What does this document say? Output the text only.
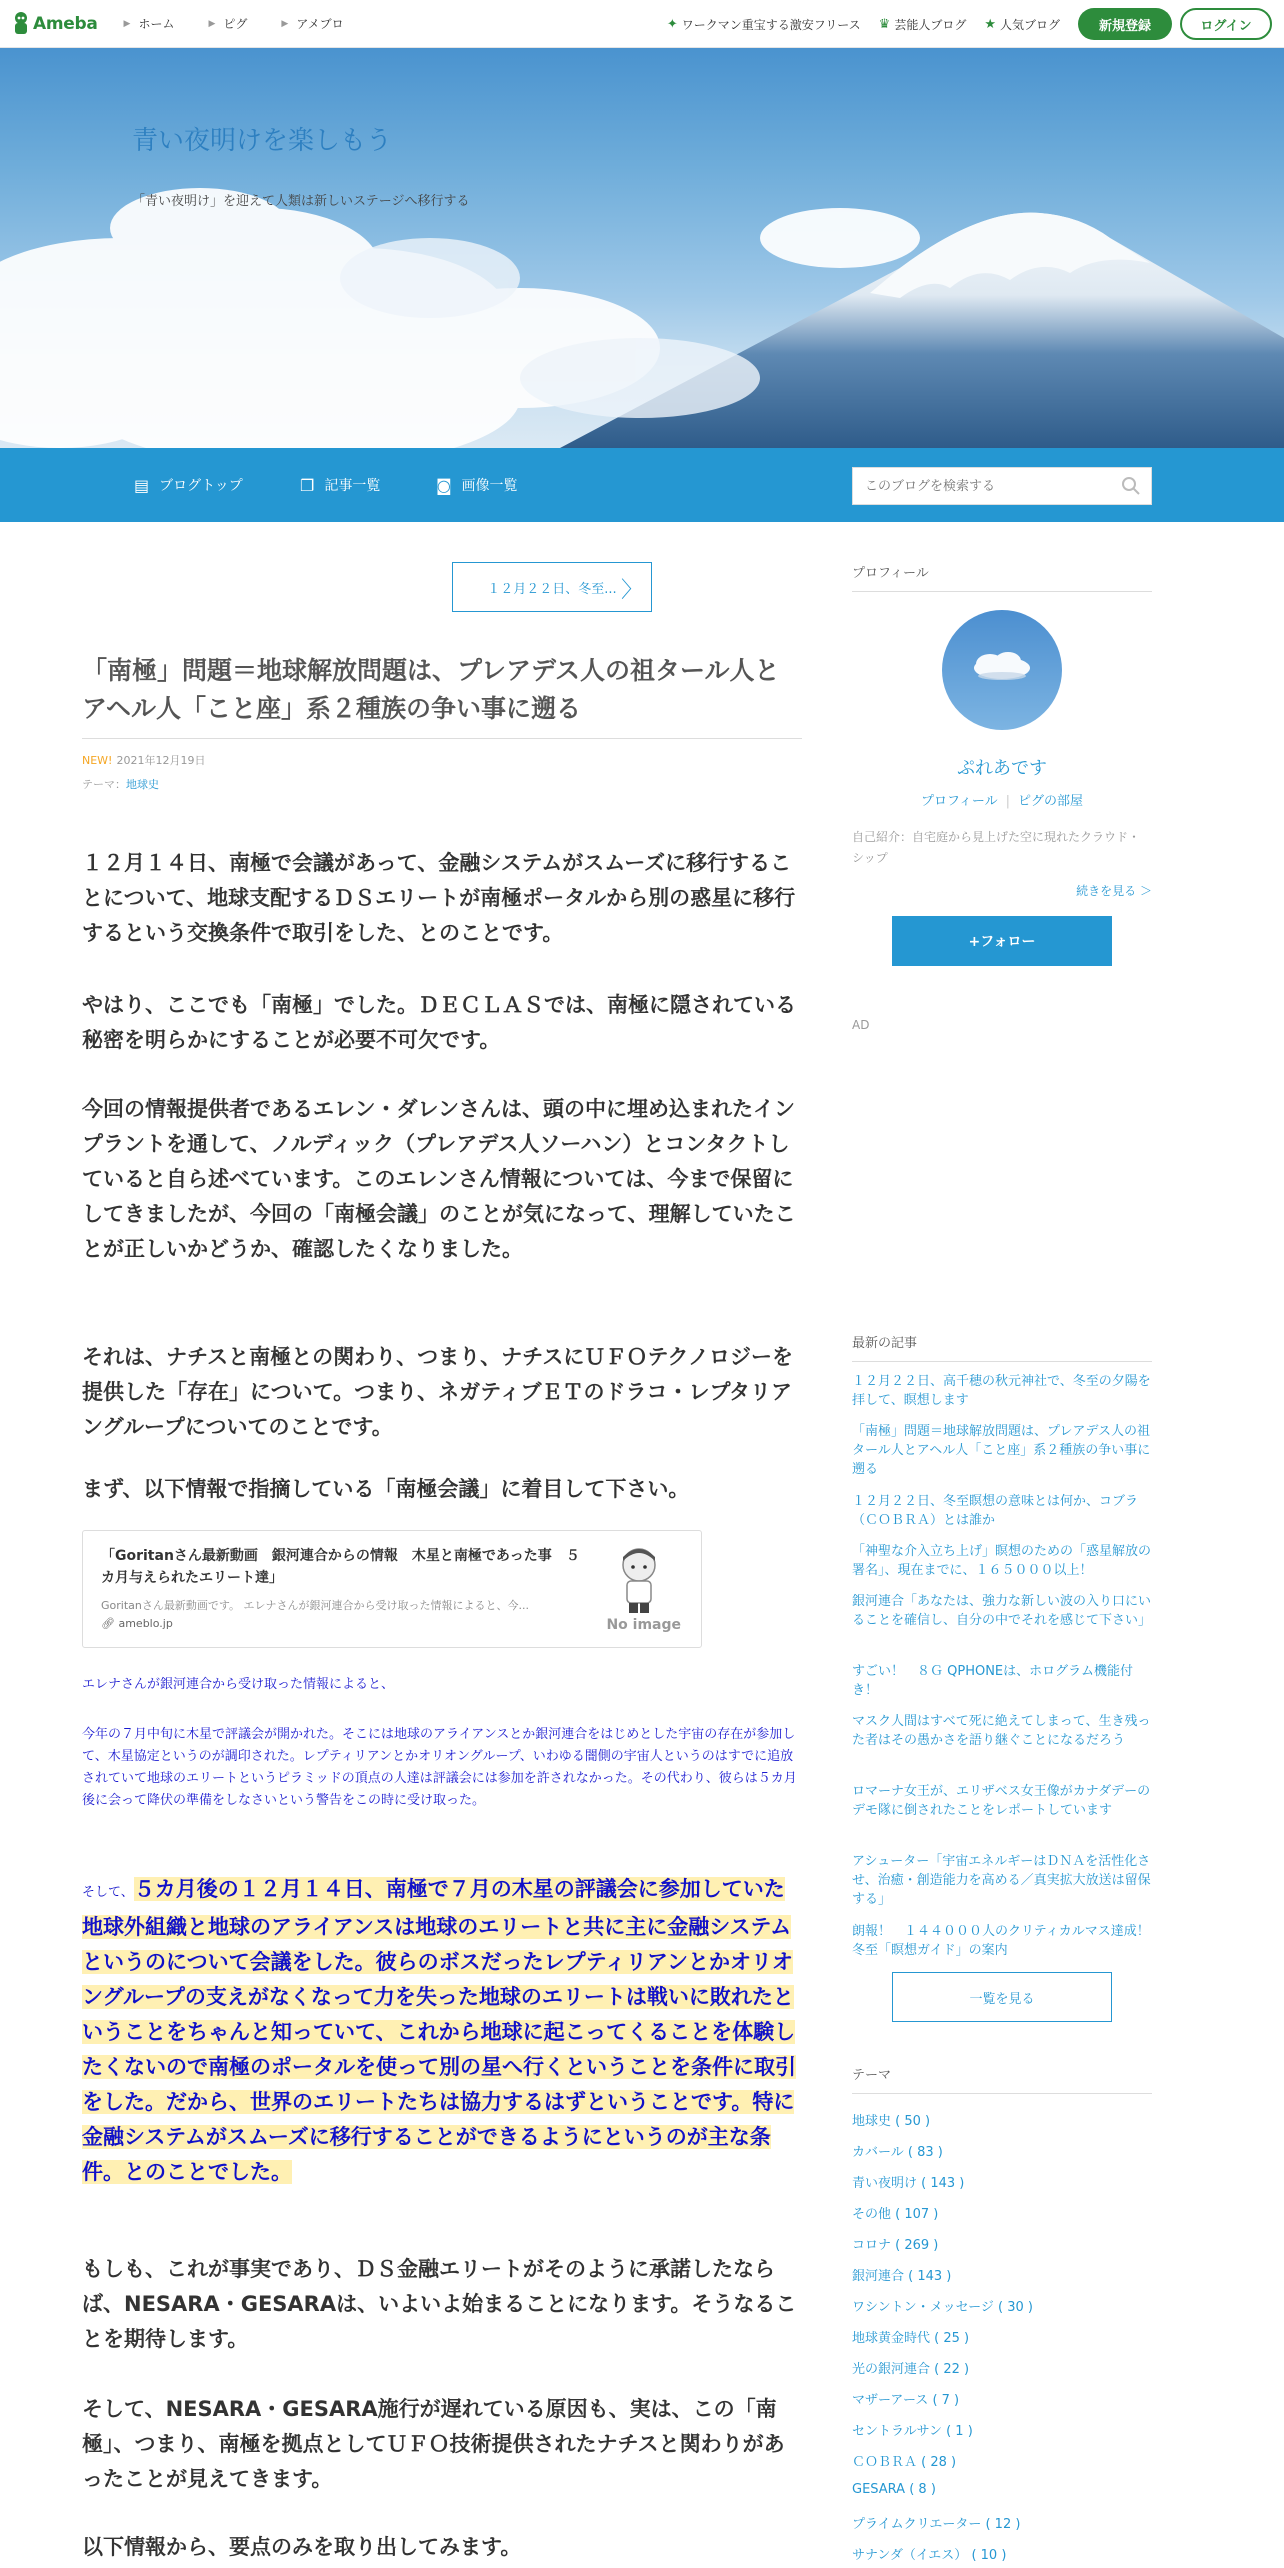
Ameba	▶ ホーム	▶ ピグ	▶ アメブロ	✦ ワークマン重宝する激安フリース ♛ 芸能人ブログ ★ 人気ブログ	新規登録	ログイン
青い夜明けを楽しもう
「青い夜明け」を迎えて人類は新しいステージへ移行する
▤ ブログトップ	❐ 記事一覧	◙ 画像一覧
このブログを検索する
１２月２２日、冬至... 〉
「南極」問題＝地球解放問題は、プレアデス人の祖タール人とアヘル人「こと座」系２種族の争い事に遡る
NEW! 2021年12月19日
テーマ：地球史

１２月１４日、南極で会議があって、金融システムがスムーズに移行することについて、地球支配するＤＳエリートが南極ポータルから別の惑星に移行するという交換条件で取引をした、とのことです。

やはり、ここでも「南極」でした。ＤＥＣＬＡＳでは、南極に隠されている秘密を明らかにすることが必要不可欠です。

今回の情報提供者であるエレン・ダレンさんは、頭の中に埋め込まれたインプラントを通して、ノルディック（プレアデス人ソーハン）とコンタクトしていると自ら述べています。このエレンさん情報については、今まで保留にしてきましたが、今回の「南極会議」のことが気になって、理解していたことが正しいかどうか、確認したくなりました。

それは、ナチスと南極との関わり、つまり、ナチスにＵＦＯテクノロジーを提供した「存在」について。つまり、ネガティブＥＴのドラコ・レプタリアングループについてのことです。

まず、以下情報で指摘している「南極会議」に着目して下さい。

「Goritanさん最新動画　銀河連合からの情報　木星と南極であった事　５カ月与えられたエリート達」
Goritanさん最新動画です。 エレナさんが銀河連合から受け取った情報によると、今...
🔗︎ ameblo.jp	No image

エレナさんが銀河連合から受け取った情報によると、

今年の７月中旬に木星で評議会が開かれた。そこには地球のアライアンスとか銀河連合をはじめとした宇宙の存在が参加して、木星協定というのが調印された。レプティリアンとかオリオングループ、いわゆる闇側の宇宙人というのはすでに追放されていて地球のエリートというピラミッドの頂点の人達は評議会には参加を許されなかった。その代わり、彼らは５カ月後に会って降伏の準備をしなさいという警告をこの時に受け取った。

そして、５カ月後の１２月１４日、南極で７月の木星の評議会に参加していた地球外組織と地球のアライアンスは地球のエリートと共に主に金融システムというのについて会議をした。彼らのボスだったレプティリアンとかオリオングループの支えがなくなって力を失った地球のエリートは戦いに敗れたということをちゃんと知っていて、これから地球に起こってくることを体験したくないので南極のポータルを使って別の星へ行くということを条件に取引をした。だから、世界のエリートたちは協力するはずということです。特に金融システムがスムーズに移行することができるようにというのが主な条件。とのことでした。

もしも、これが事実であり、ＤＳ金融エリートがそのように承諾したならば、NESARA・GESARAは、いよいよ始まることになります。そうなることを期待します。

そして、NESARA・GESARA施行が遅れている原因も、実は、この「南極」、つまり、南極を拠点としてＵＦＯ技術提供されたナチスと関わりがあったことが見えてきます。

以下情報から、要点のみを取り出してみます。

プロフィール
ぷれあです
プロフィール | ピグの部屋
自己紹介：自宅庭から見上げた空に現れたクラウド・シップ
続きを見る ＞
+フォロー
AD
最新の記事
１２月２２日、高千穂の秋元神社で、冬至の夕陽を拝して、瞑想します
「南極」問題＝地球解放問題は、プレアデス人の祖タール人とアヘル人「こと座」系２種族の争い事に遡る
１２月２２日、冬至瞑想の意味とは何か、コブラ（ＣＯＢＲＡ）とは誰か
「神聖な介入立ち上げ」瞑想のための「惑星解放の署名」、現在までに、１６５０００以上！
銀河連合「あなたは、強力な新しい波の入り口にいることを確信し、自分の中でそれを感じて下さい」
すごい！　８Ｇ QPHONEは、ホログラム機能付き！
マスク人間はすべて死に絶えてしまって、生き残った者はその愚かさを語り継ぐことになるだろう
ロマーナ女王が、エリザベス女王像がカナダデーのデモ隊に倒されたことをレポートしています
アシューター「宇宙エネルギーはＤＮＡを活性化させ、治癒・創造能力を高める／真実拡大放送は留保する」
朗報！　１４４０００人のクリティカルマス達成！冬至「瞑想ガイド」の案内
一覧を見る
テーマ
地球史 ( 50 )
カバール ( 83 )
青い夜明け ( 143 )
その他 ( 107 )
コロナ ( 269 )
銀河連合 ( 143 )
ワシントン・メッセージ ( 30 )
地球黄金時代 ( 25 )
光の銀河連合 ( 22 )
マザーアース ( 7 )
セントラルサン ( 1 )
ＣＯＢＲＡ ( 28 )
GESARA ( 8 )
プライムクリエーター ( 12 )
サナンダ（イエス） ( 10 )
